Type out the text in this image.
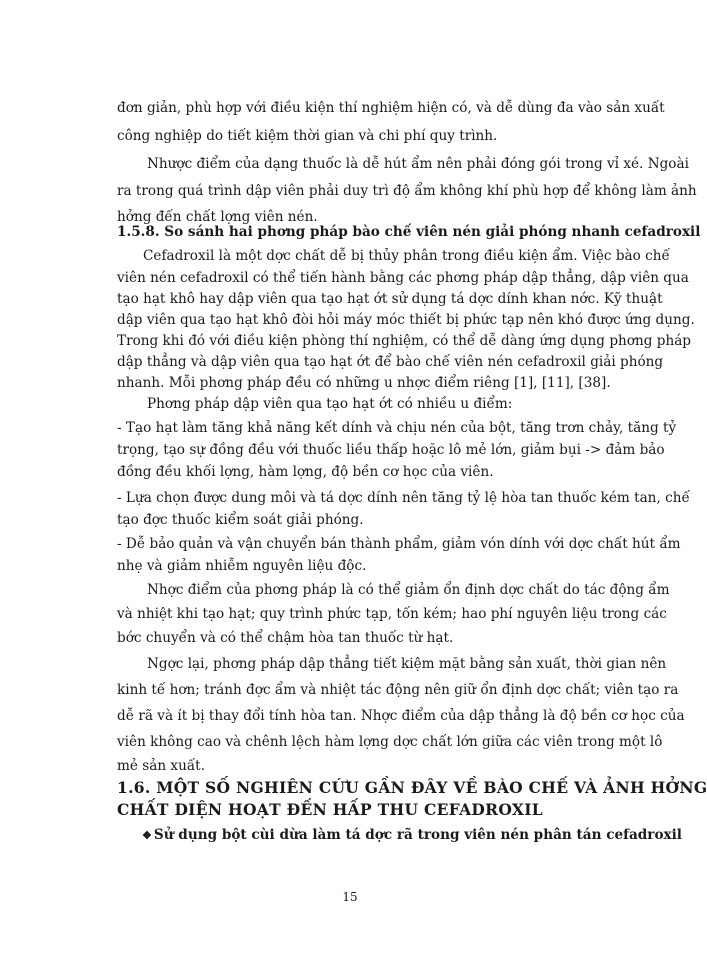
đơn giản, phù hợp với điều kiện thí nghiệm hiện có, và dễ dùng đa vào sản xuất
công nghiệp do tiết kiệm thời gian và chi phí quy trình.
Nhược điểm của dạng thuốc là dễ hút ẩm nên phải đóng gói trong vỉ xé. Ngoài
ra trong quá trình dập viên phải duy trì độ ẩm không khí phù hợp để không làm ảnh
hởng đến chất lợng viên nén.
1.5.8. So sánh hai phơng pháp bào chế viên nén giải phóng nhanh cefadroxil
Cefadroxil là một dợc chất dễ bị thủy phân trong điều kiện ẩm. Việc bào chế
viên nén cefadroxil có thể tiến hành bằng các phơng pháp dập thẳng, dập viên qua
tạo hạt khô hay dập viên qua tạo hạt ớt sử dụng tá dợc dính khan nớc. Kỹ thuật
dập viên qua tạo hạt khô đòi hỏi máy móc thiết bị phức tạp nên khó được ứng dụng.
Trong khi đó với điều kiện phòng thí nghiệm, có thể dễ dàng ứng dụng phơng pháp
dập thẳng và dập viên qua tạo hạt ớt để bào chế viên nén cefadroxil giải phóng
nhanh. Mỗi phơng pháp đều có những u nhợc điểm riêng [1], [11], [38].
Phơng pháp dập viên qua tạo hạt ớt có nhiều u điểm:
- Tạo hạt làm tăng khả năng kết dính và chịu nén của bột, tăng trơn chảy, tăng tỷ
trọng, tạo sự đồng đều với thuốc liều thấp hoặc lô mẻ lớn, giảm bụi -> đảm bảo
đồng đều khối lợng, hàm lợng, độ bền cơ học của viên.
- Lựa chọn được dung môi và tá dợc dính nên tăng tỷ lệ hòa tan thuốc kém tan, chế
tạo đợc thuốc kiểm soát giải phóng.
- Dễ bảo quản và vận chuyển bán thành phẩm, giảm vón dính với dợc chất hút ẩm
nhẹ và giảm nhiễm nguyên liệu độc.
Nhợc điểm của phơng pháp là có thể giảm ổn định dợc chất do tác động ẩm
và nhiệt khi tạo hạt; quy trình phức tạp, tốn kém; hao phí nguyên liệu trong các
bớc chuyển và có thể chậm hòa tan thuốc từ hạt.
Ngợc lại, phơng pháp dập thẳng tiết kiệm mặt bằng sản xuất, thời gian nên
kinh tế hơn; tránh đợc ẩm và nhiệt tác động nên giữ ổn định dợc chất; viên tạo ra
dễ rã và ít bị thay đổi tính hòa tan. Nhợc điểm của dập thẳng là độ bền cơ học của
viên không cao và chênh lệch hàm lợng dợc chất lớn giữa các viên trong một lô
mẻ sản xuất.
1.6. MỘT SỐ NGHIÊN CỨU GẦN ĐÂY VỀ BÀO CHẾ VÀ ẢNH HỞNG
CHẤT DIỆN HOẠT ĐẾN HẤP THU CEFADROXIL
❖ Sử dụng bột cùi dừa làm tá dợc rã trong viên nén phân tán cefadroxil
15
